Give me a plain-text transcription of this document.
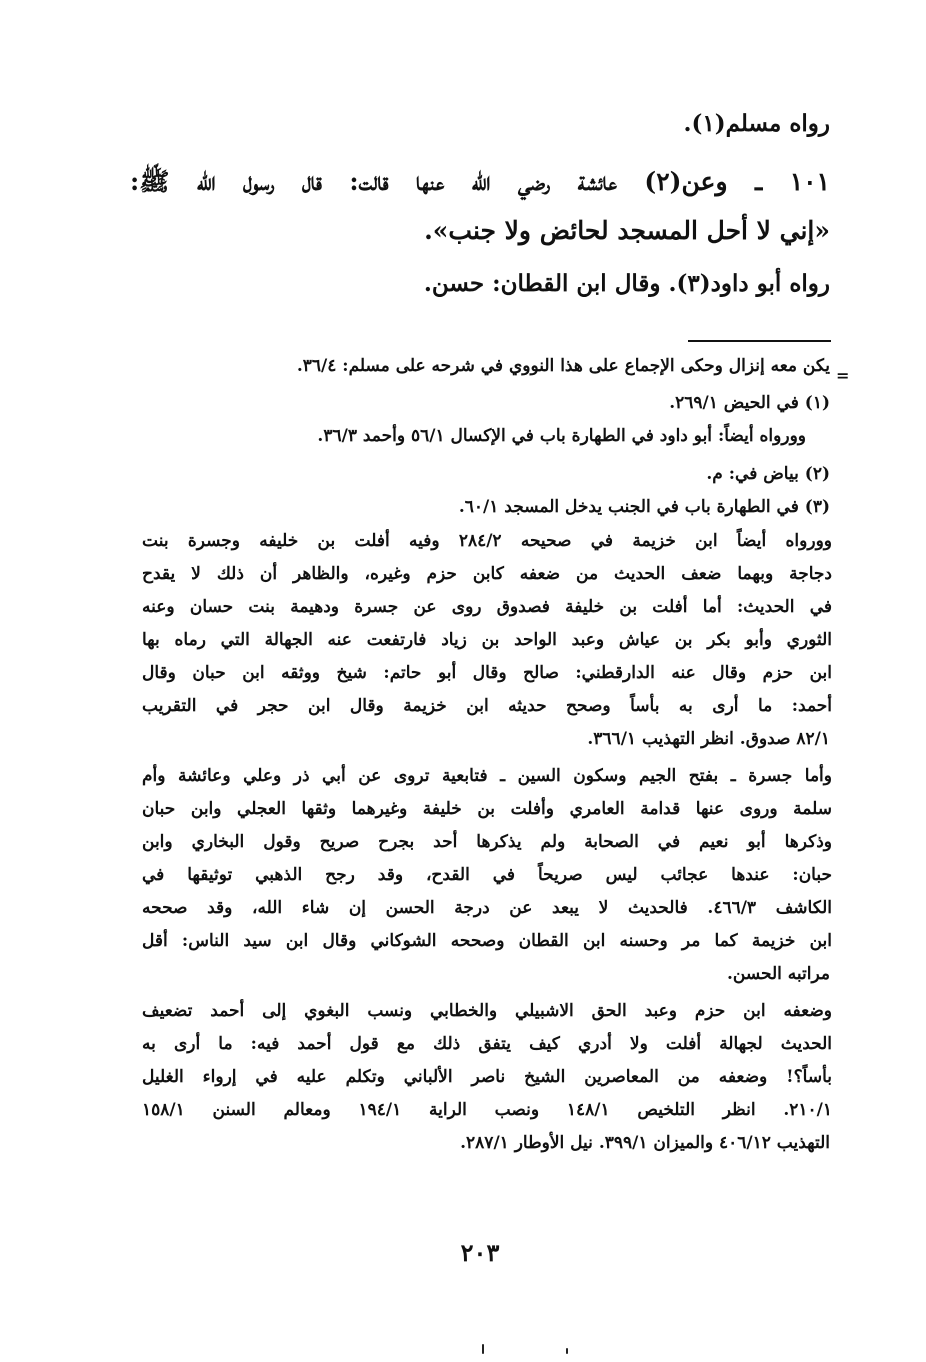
رواه مسلم(١).
١٠١ ـ وعن(٢) عائشة رضي الله عنها قالت: قال رسول الله ﷺ:
«إني لا أحل المسجد لحائض ولا جنب».
رواه أبو داود(٣). وقال ابن القطان: حسن.
=
يكن معه إنزال وحكى الإجماع على هذا النووي في شرحه على مسلم: ٣٦/٤.
(١) في الحيض ٢٦٩/١.
وورواه أيضاً: أبو داود في الطهارة باب في الإكسال ٥٦/١ وأحمد ٣٦/٣.
(٢) بياض في: م.
(٣) في الطهارة باب في الجنب يدخل المسجد ٦٠/١.
وورواه أيضاً ابن خزيمة في صحيحه ٢٨٤/٢ وفيه أفلت بن خليفه وجسرة بنت
دجاجة وبهما ضعف الحديث من ضعفه كابن حزم وغيره، والظاهر أن ذلك لا يقدح
في الحديث: أما أفلت بن خليفة فصدوق روى عن جسرة ودهيمة بنت حسان وعنه
الثوري وأبو بكر بن عياش وعبد الواحد بن زياد فارتفعت عنه الجهالة التي رماه بها
ابن حزم وقال عنه الدارقطني: صالح وقال أبو حاتم: شيخ ووثقه ابن حبان وقال
أحمد: ما أرى به بأساً وصحح حديثه ابن خزيمة وقال ابن حجر في التقريب
٨٢/١ صدوق. انظر التهذيب ٣٦٦/١.
وأما جسرة ـ بفتح الجيم وسكون السين ـ فتابعية تروى عن أبي ذر وعلي وعائشة وأم
سلمة وروى عنها قدامة العامري وأفلت بن خليفة وغيرهما وثقها العجلي وابن حبان
وذكرها أبو نعيم في الصحابة ولم يذكرها أحد بجرح صريح وقول البخاري وابن
حبان: عندها عجائب ليس صريحاً في القدح، وقد رجح الذهبي توثيقها في
الكاشف ٤٦٦/٣. فالحديث لا يبعد عن درجة الحسن إن شاء الله، وقد صححه
ابن خزيمة كما مر وحسنه ابن القطان وصححه الشوكاني وقال ابن سيد الناس: أقل
مراتبه الحسن.
وضعفه ابن حزم وعبد الحق الاشبيلي والخطابي ونسب البغوي إلى أحمد تضعيف
الحديث لجهالة أفلت ولا أدري كيف يتفق ذلك مع قول أحمد فيه: ما أرى به
بأساً؟! وضعفه من المعاصرين الشيخ ناصر الألباني وتكلم عليه في إرواء الغليل
٢١٠/١. انظر التلخيص ١٤٨/١ ونصب الراية ١٩٤/١ ومعالم السنن ١٥٨/١
التهذيب ٤٠٦/١٢ والميزان ٣٩٩/١. نيل الأوطار ٢٨٧/١.
٢٠٣
